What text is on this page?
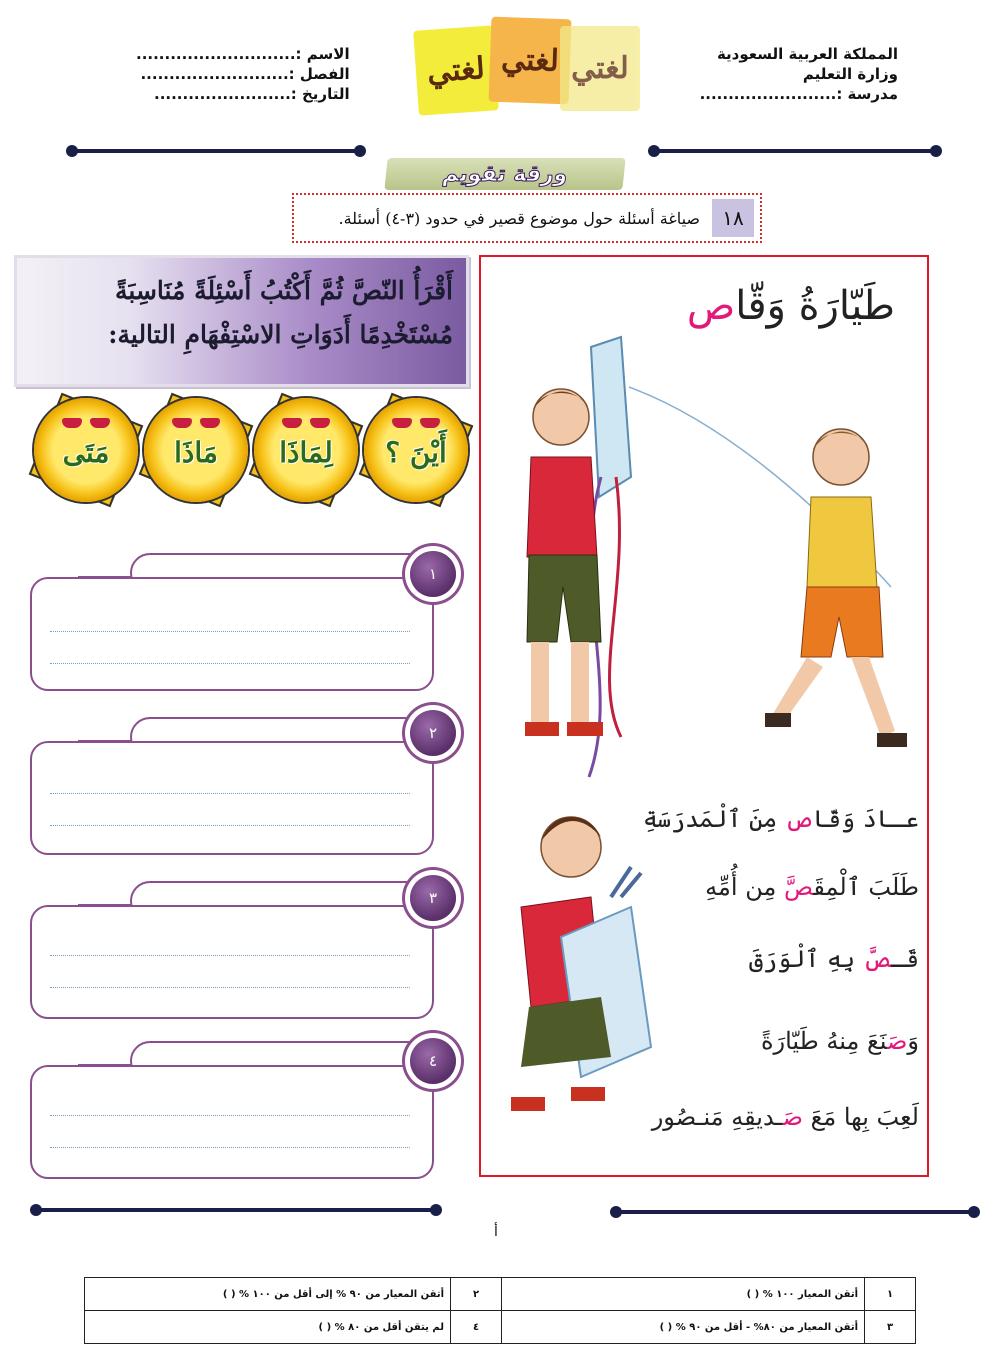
المملكة العربية السعودية
وزارة التعليم
مدرسة :........................
الاسم :............................
الفصل :..........................
التاريخ :........................
لغتي لغتي لغتي
ورقة تقويم
صياغة أسئلة حول موضوع قصير في حدود (٣-٤) أسئلة.	١٨
أَقْرَأُ النّصَّ ثُمَّ أَكْتُبُ أَسْئِلَةً مُنَاسِبَةً
مُسْتَخْدِمًا أَدَوَاتِ الاسْتِفْهَامِ التالية:
أَيْنَ ؟
لِمَاذَا
مَاذَا
مَتَى
١
٢
٣
٤
طَيّارَةُ وَقّاص
عـادَ وَقّاص مِنَ ٱلْمَدرَسَةِ
طَلَبَ ٱلْمِقَصَّ مِن أُمِّهِ
قَـصَّ بِهِ ٱلْوَرَقَ
وَصَنَعَ مِنهُ طَيّارَةً
لَعِبَ بِها مَعَ صَـديقِهِ مَنـصُور
أ
١	أتقن المعيار ١٠٠ % ( )	٢	أتقن المعيار من ٩٠ % إلى أقل من ١٠٠ % ( )
٣	أتقن المعيار من ٨٠% - أقل من ٩٠ % ( )	٤	لم يتقن أقل من ٨٠ % ( )
